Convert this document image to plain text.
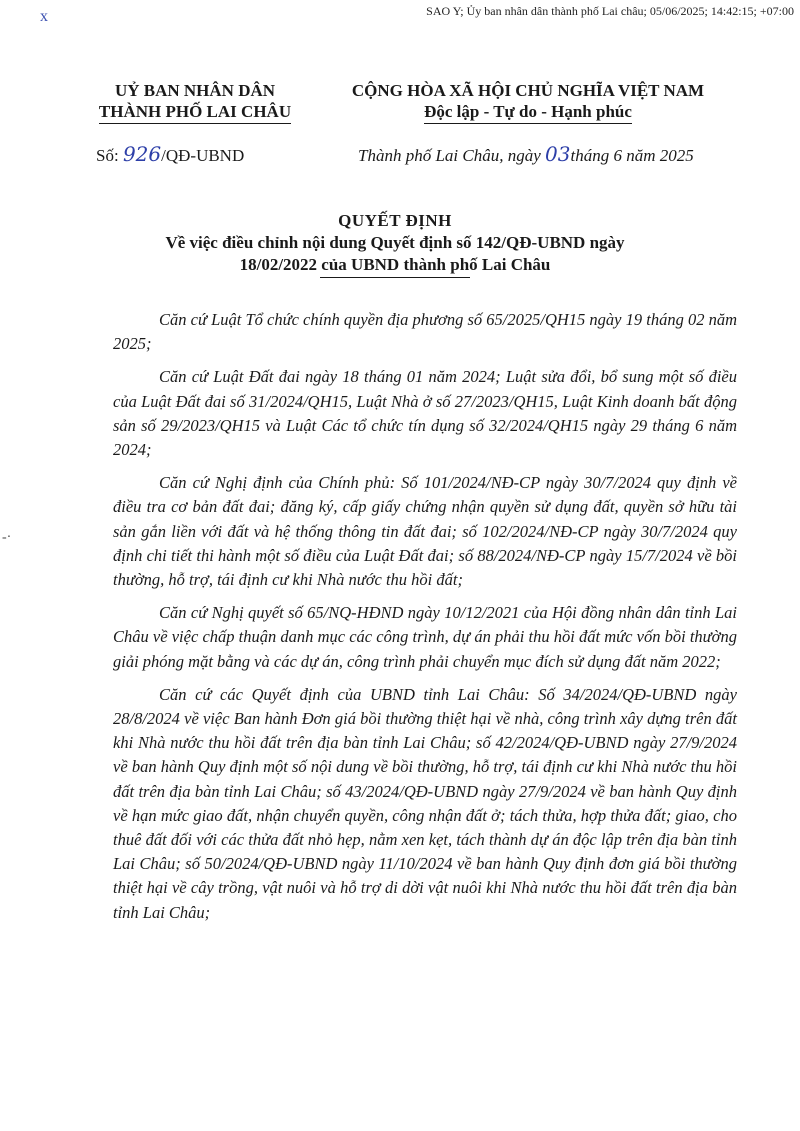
x
-·
SAO Y; Ủy ban nhân dân thành phố Lai châu; 05/06/2025; 14:42:15; +07:00
UỶ BAN NHÂN DÂN
THÀNH PHỐ LAI CHÂU
CỘNG HÒA XÃ HỘI CHỦ NGHĨA VIỆT NAM
Độc lập - Tự do - Hạnh phúc
Số: 926/QĐ-UBND	Thành phố Lai Châu, ngày 03tháng 6 năm 2025
QUYẾT ĐỊNH
Về việc điều chỉnh nội dung Quyết định số 142/QĐ-UBND ngày
18/02/2022 của UBND thành phố Lai Châu

Căn cứ Luật Tổ chức chính quyền địa phương số 65/2025/QH15 ngày 19 tháng 02 năm 2025;

Căn cứ Luật Đất đai ngày 18 tháng 01 năm 2024; Luật sửa đổi, bổ sung một số điều của Luật Đất đai số 31/2024/QH15, Luật Nhà ở số 27/2023/QH15, Luật Kinh doanh bất động sản số 29/2023/QH15 và Luật Các tổ chức tín dụng số 32/2024/QH15 ngày 29 tháng 6 năm 2024;

Căn cứ Nghị định của Chính phủ: Số 101/2024/NĐ-CP ngày 30/7/2024 quy định về điều tra cơ bản đất đai; đăng ký, cấp giấy chứng nhận quyền sử dụng đất, quyền sở hữu tài sản gắn liền với đất và hệ thống thông tin đất đai; số 102/2024/NĐ-CP ngày 30/7/2024 quy định chi tiết thi hành một số điều của Luật Đất đai; số 88/2024/NĐ-CP ngày 15/7/2024 về bồi thường, hỗ trợ, tái định cư khi Nhà nước thu hồi đất;

Căn cứ Nghị quyết số 65/NQ-HĐND ngày 10/12/2021 của Hội đồng nhân dân tỉnh Lai Châu về việc chấp thuận danh mục các công trình, dự án phải thu hồi đất mức vốn bồi thường giải phóng mặt bằng và các dự án, công trình phải chuyển mục đích sử dụng đất năm 2022;

Căn cứ các Quyết định của UBND tỉnh Lai Châu: Số 34/2024/QĐ-UBND ngày 28/8/2024 về việc Ban hành Đơn giá bồi thường thiệt hại về nhà, công trình xây dựng trên đất khi Nhà nước thu hồi đất trên địa bàn tỉnh Lai Châu; số 42/2024/QĐ-UBND ngày 27/9/2024 về ban hành Quy định một số nội dung về bồi thường, hỗ trợ, tái định cư khi Nhà nước thu hồi đất trên địa bàn tỉnh Lai Châu; số 43/2024/QĐ-UBND ngày 27/9/2024 về ban hành Quy định về hạn mức giao đất, nhận chuyển quyền, công nhận đất ở; tách thửa, hợp thửa đất; giao, cho thuê đất đối với các thửa đất nhỏ hẹp, nằm xen kẹt, tách thành dự án độc lập trên địa bàn tỉnh Lai Châu; số 50/2024/QĐ-UBND ngày 11/10/2024 về ban hành Quy định đơn giá bồi thường thiệt hại về cây trồng, vật nuôi và hỗ trợ di dời vật nuôi khi Nhà nước thu hồi đất trên địa bàn tỉnh Lai Châu;
